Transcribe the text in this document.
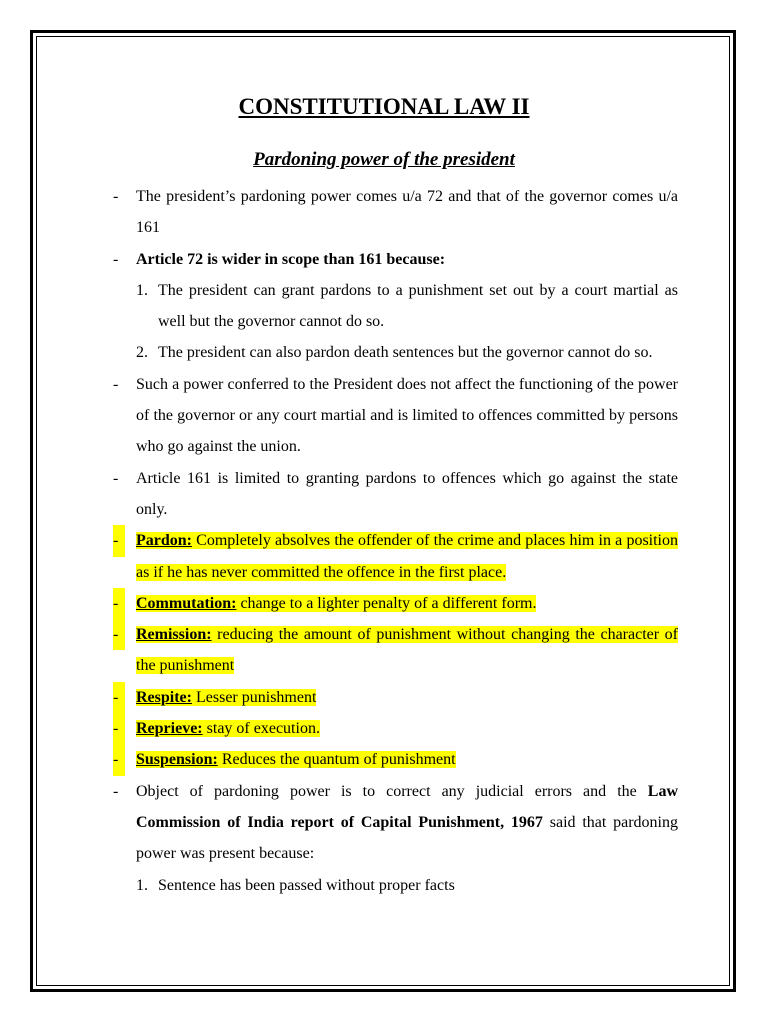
CONSTITUTIONAL LAW II
Pardoning power of the president
-	The president’s pardoning power comes u/a 72 and that of the governor comes u/a 161
-	Article 72 is wider in scope than 161 because:
1. The president can grant pardons to a punishment set out by a court martial as well but the governor cannot do so.
2. The president can also pardon death sentences but the governor cannot do so.
-	Such a power conferred to the President does not affect the functioning of the power of the governor or any court martial and is limited to offences committed by persons who go against the union.
-	Article 161 is limited to granting pardons to offences which go against the state only.
-	Pardon: Completely absolves the offender of the crime and places him in a position as if he has never committed the offence in the first place.
-	Commutation: change to a lighter penalty of a different form.
-	Remission: reducing the amount of punishment without changing the character of the punishment
-	Respite: Lesser punishment
-	Reprieve: stay of execution.
-	Suspension: Reduces the quantum of punishment
-	Object of pardoning power is to correct any judicial errors and the Law Commission of India report of Capital Punishment, 1967 said that pardoning power was present because:
1. Sentence has been passed without proper facts
